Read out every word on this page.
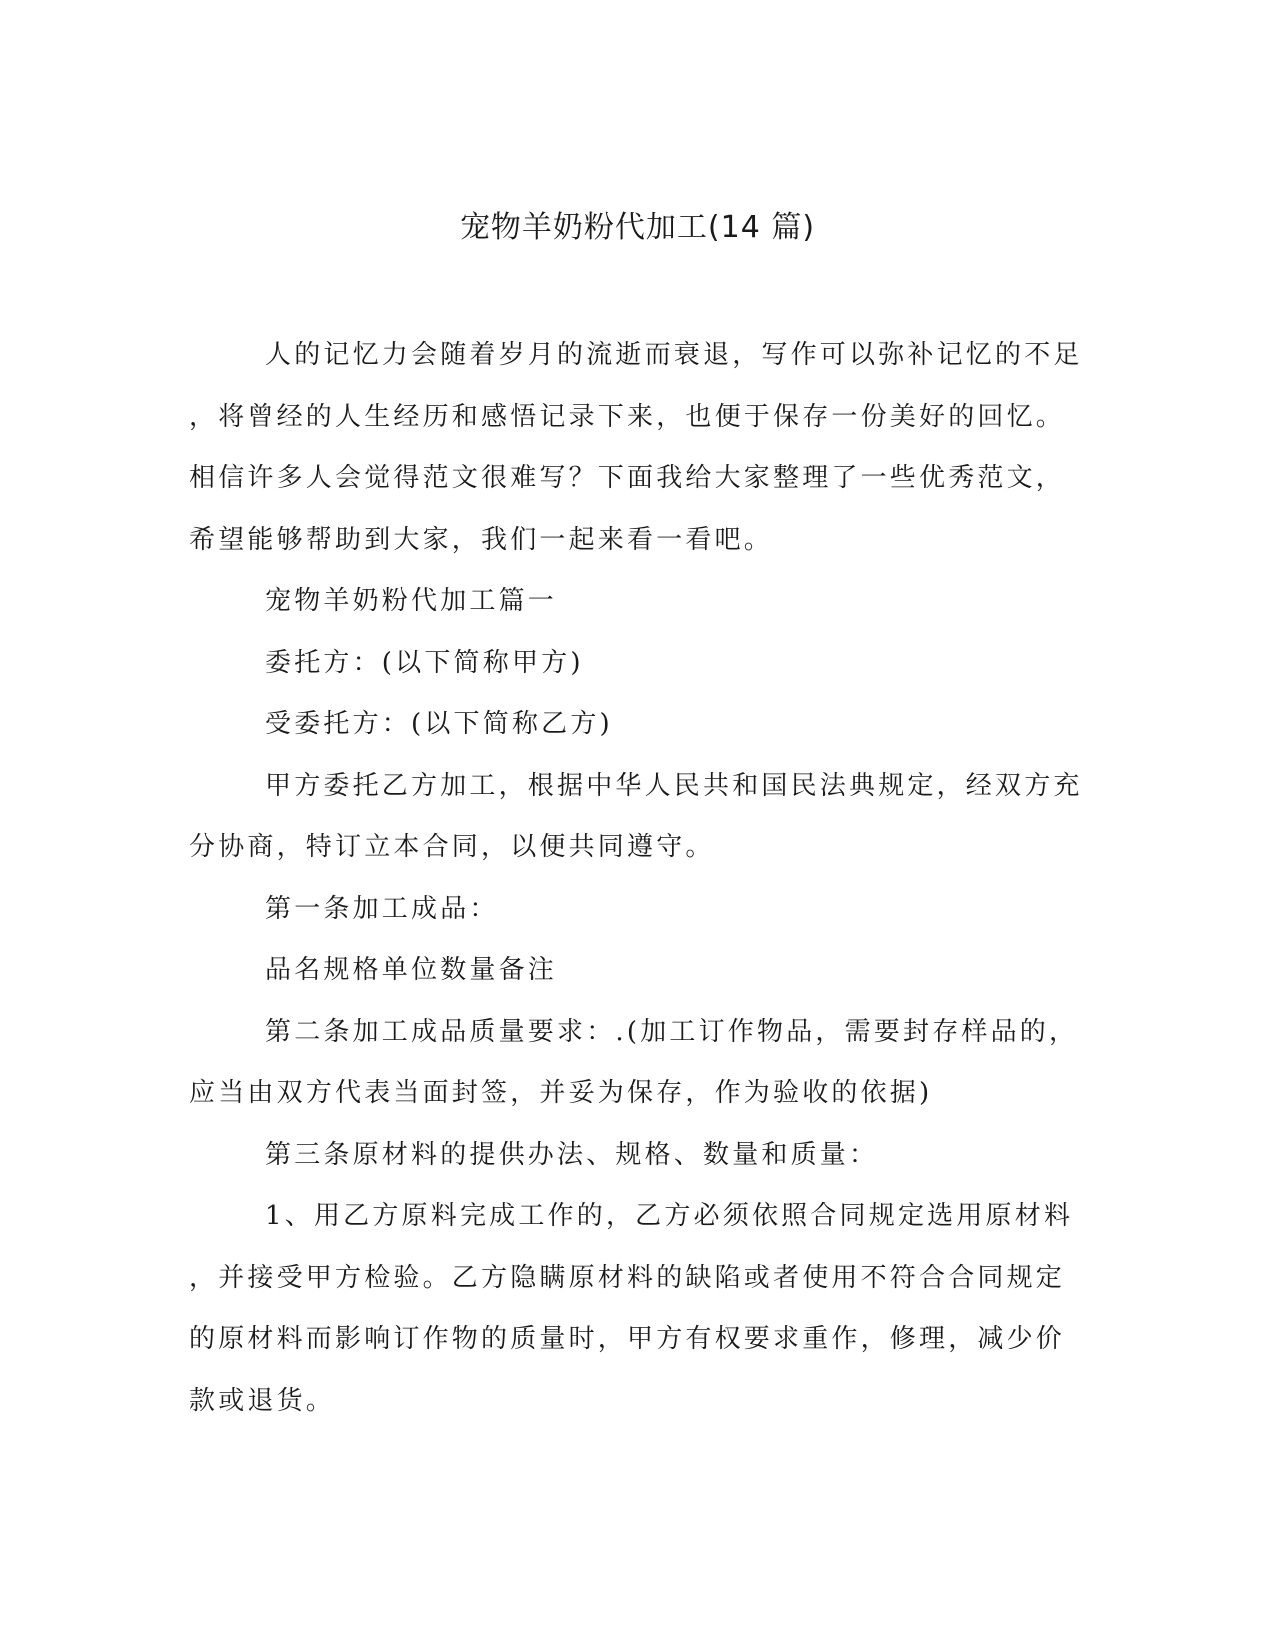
宠物羊奶粉代加工(14 篇)
人的记忆力会随着岁月的流逝而衰退，写作可以弥补记忆的不足
，将曾经的人生经历和感悟记录下来，也便于保存一份美好的回忆。
相信许多人会觉得范文很难写？下面我给大家整理了一些优秀范文，
希望能够帮助到大家，我们一起来看一看吧。
宠物羊奶粉代加工篇一
委托方：(以下简称甲方)
受委托方：(以下简称乙方)
甲方委托乙方加工，根据中华人民共和国民法典规定，经双方充
分协商，特订立本合同，以便共同遵守。
第一条加工成品：
品名规格单位数量备注
第二条加工成品质量要求：.(加工订作物品，需要封存样品的，
应当由双方代表当面封签，并妥为保存，作为验收的依据)
第三条原材料的提供办法、规格、数量和质量：
1、用乙方原料完成工作的，乙方必须依照合同规定选用原材料
，并接受甲方检验。乙方隐瞒原材料的缺陷或者使用不符合合同规定
的原材料而影响订作物的质量时，甲方有权要求重作，修理，减少价
款或退货。
